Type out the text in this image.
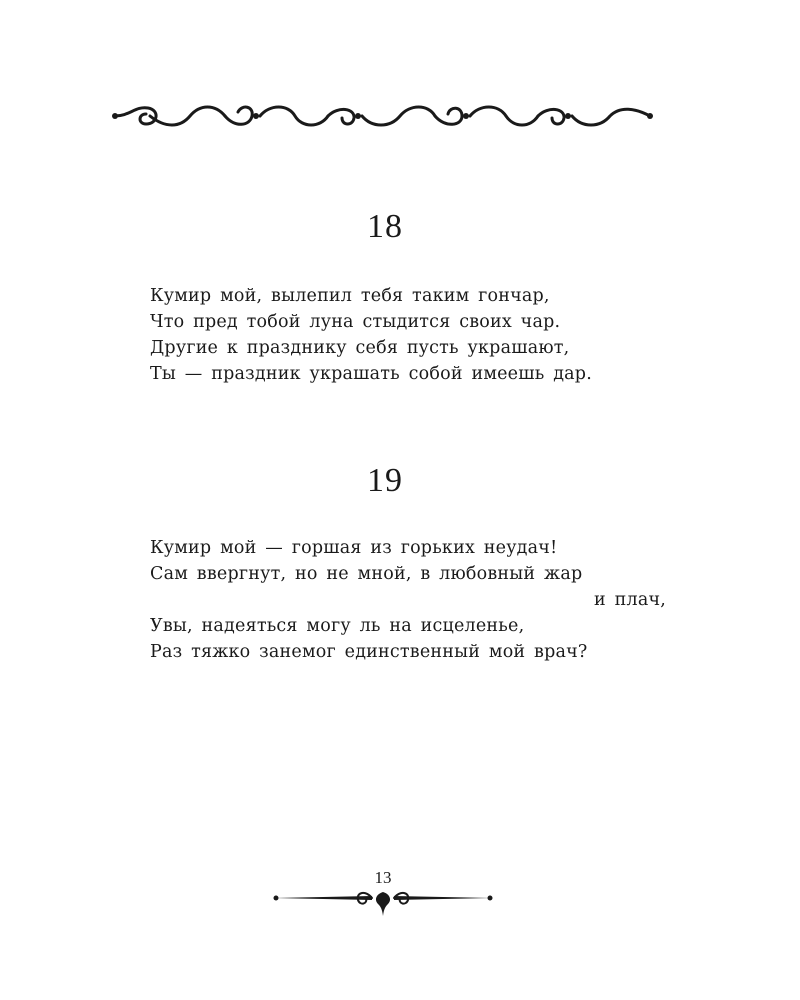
18
Кумир мой, вылепил тебя таким гончар,
Что пред тобой луна стыдится своих чар.
Другие к празднику себя пусть украшают,
Ты — праздник украшать собой имеешь дар.
19
Кумир мой — горшая из горьких неудач!
Сам ввергнут, но не мной, в любовный жар
и плач,
Увы, надеяться могу ль на исцеленье,
Раз тяжко занемог единственный мой врач?
13
